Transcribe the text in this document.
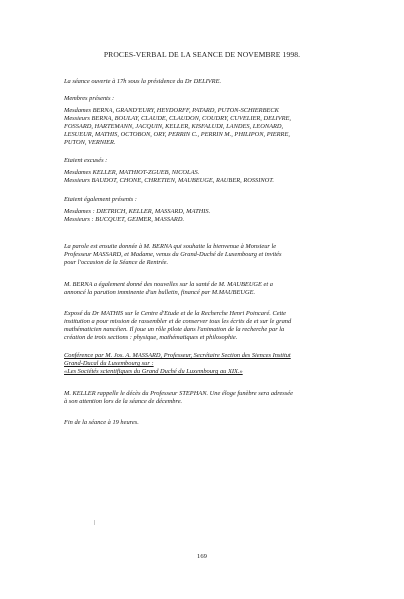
PROCES-VERBAL DE LA SEANCE DE NOVEMBRE 1998.

La séance ouverte à 17h sous la présidence du Dr DELIVRE.

Membres présents :

Mesdames BERNA, GRAND'EURY, HEYDORFF, PATARD, PUTON-SCHIERBECK

Messieurs BERNA, BOULAY, CLAUDE, CLAUDON, COUDRY, CUVELIER, DELIVRE,

FOSSARD, HARTEMANN, JACQUIN, KELLER, KISFALUDI, LANDES, LEONARD,

LESUEUR, MATHIS, OCTOBON, ORY, PERRIN C., PERRIN M., PHILIPON, PIERRE,

PUTON, VERNIER.

Etaient excusés :

Mesdames KELLER, MATHIOT-ZGUEB, NICOLAS.

Messieurs BAUDOT, CHONE, CHRETIEN, MAUBEUGE, RAUBER, ROSSINOT.

Etaient également présents :

Mesdames : DIETRICH, KELLER, MASSARD, MATHIS.

Messieurs : BUCQUET, GEIMER, MASSARD.

La parole est ensuite donnée à M. BERNA qui souhaite la bienvenue à Monsieur le

Professeur MASSARD, et Madame, venus du Grand-Duché de Luxembourg et invités

pour l'occasion de la Séance de Rentrée.

M. BERNA a également donné des nouvelles sur la santé de M. MAUBEUGE et a

annoncé la parution imminente d'un bulletin, financé par M.MAUBEUGE.

Exposé du Dr MATHIS sur le Centre d'Etude et de la Recherche Henri Poincaré. Cette

institution a pour mission de rassembler et de conserver tous les écrits de et sur le grand

mathématicien nancéien. Il joue un rôle pilote dans l'animation de la recherche par la

création de trois sections : physique, mathématiques et philosophie.

Conférence par M. Jos. A. MASSARD, Professeur, Secrétaire Section des Siences Institut

Grand-Ducal du Luxembourg sur :

«Les Sociétés scientifiques du Grand Duché du Luxembourg au XIX.»

M. KELLER rappelle le décès du Professeur STEPHAN. Une éloge funèbre sera adressée

à son attention lors de la séance de décembre.

Fin de la séance à 19 heures.

169
